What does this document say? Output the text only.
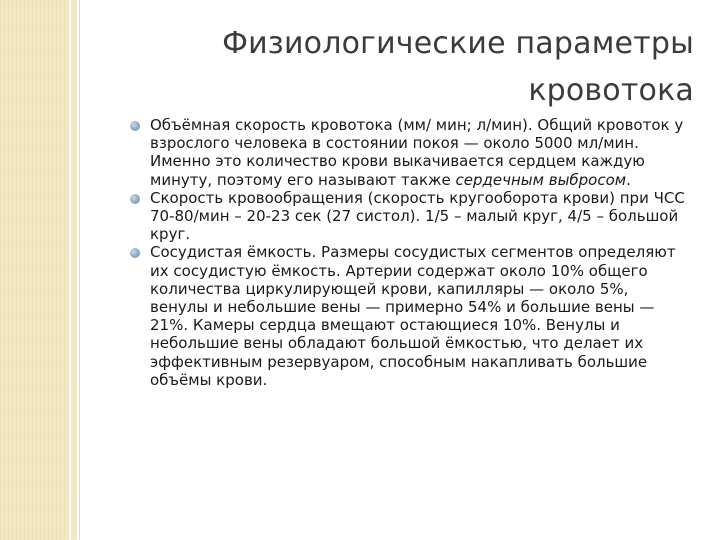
Физиологические параметры
кровотока
Объёмная скорость кровотока (мм/ мин; л/мин). Общий кровоток у взрослого человека в состоянии покоя — около 5000 мл/мин. Именно это количество крови выкачивается сердцем каждую минуту, поэтому его называют также сердечным выбросом.
Скорость кровообращения (скорость кругооборота крови) при ЧСС 70-80/мин – 20-23 сек (27 систол). 1/5 – малый круг, 4/5 – большой круг.
Сосудистая ёмкость. Размеры сосудистых сегментов определяют их сосудистую ёмкость. Артерии содержат около 10% общего количества циркулирующей крови, капилляры — около 5%, венулы и небольшие вены — примерно 54% и большие вены — 21%. Камеры сердца вмещают остающиеся 10%. Венулы и небольшие вены обладают большой ёмкостью, что делает их эффективным резервуаром, способным накапливать большие объёмы крови.
